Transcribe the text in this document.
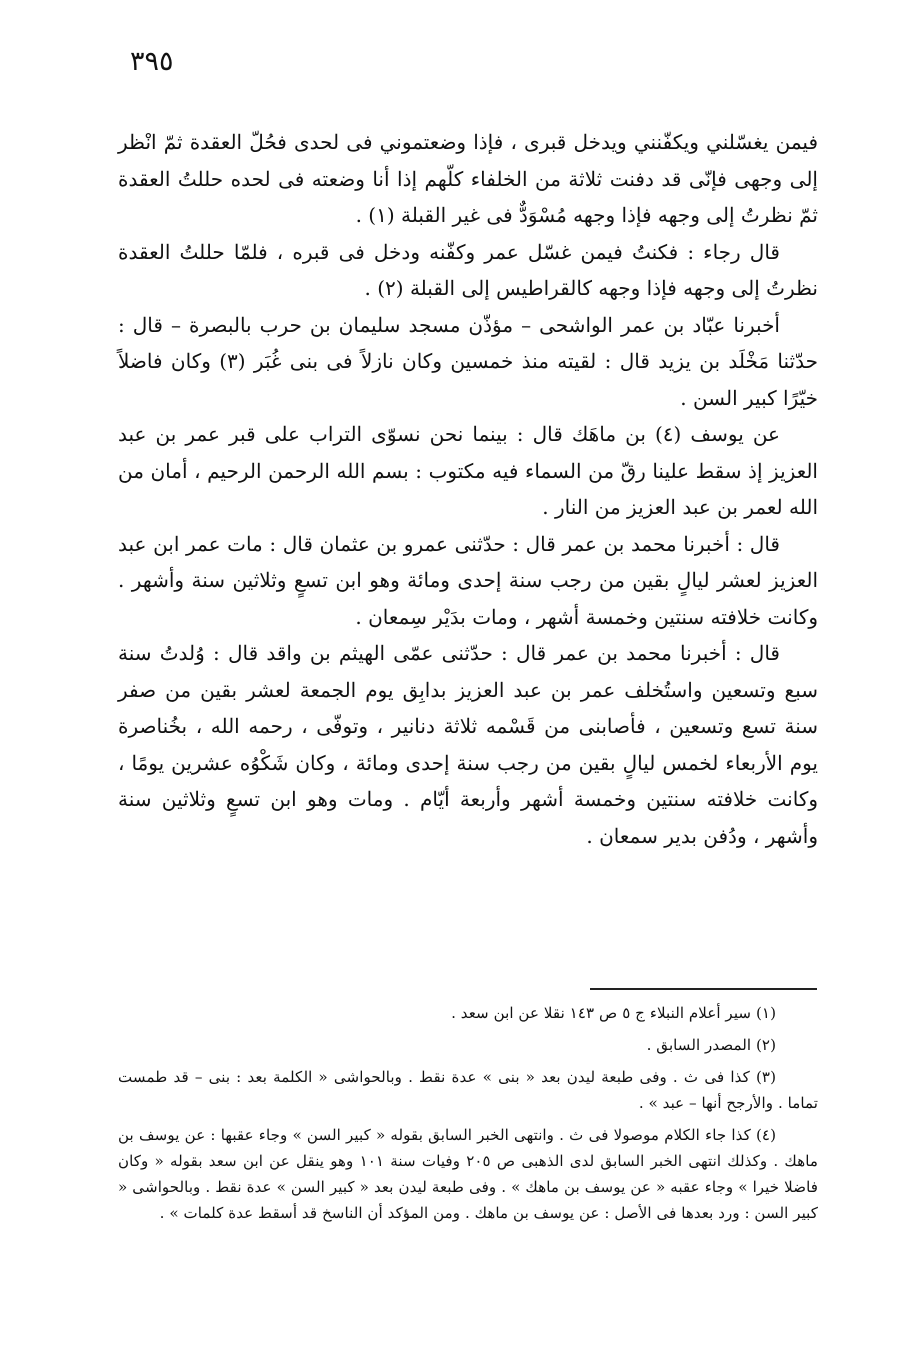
٣٩٥

فيمن يغسّلني ويكفّنني ويدخل قبرى ، فإذا وضعتموني فى لحدى فحُلّ العقدة ثمّ انْظر إلى وجهى فإنّى قد دفنت ثلاثة من الخلفاء كلّهم إذا أنا وضعته فى لحده حللتُ العقدة ثمّ نظرتُ إلى وجهه فإذا وجهه مُسْوَدٌّ فى غير القبلة (١) .

قال رجاء : فكنتُ فيمن غسّل عمر وكفّنه ودخل فى قبره ، فلمّا حللتُ العقدة نظرتُ إلى وجهه فإذا وجهه كالقراطيس إلى القبلة (٢) .

أخبرنا عبّاد بن عمر الواشحى – مؤذّن مسجد سليمان بن حرب بالبصرة – قال : حدّثنا مَخْلَد بن يزيد قال : لقيته منذ خمسين وكان نازلاً فى بنى غُبَر (٣) وكان فاضلاً خيّرًا كبير السن .

عن يوسف (٤) بن ماهَك قال : بينما نحن نسوّى التراب على قبر عمر بن عبد العزيز إذ سقط علينا رقّ من السماء فيه مكتوب : بسم الله الرحمن الرحيم ، أمان من الله لعمر بن عبد العزيز من النار .

قال : أخبرنا محمد بن عمر قال : حدّثنى عمرو بن عثمان قال : مات عمر ابن عبد العزيز لعشر ليالٍ بقين من رجب سنة إحدى ومائة وهو ابن تسعٍ وثلاثين سنة وأشهر . وكانت خلافته سنتين وخمسة أشهر ، ومات بدَيْر سِمعان .

قال : أخبرنا محمد بن عمر قال : حدّثنى عمّى الهيثم بن واقد قال : وُلدتُ سنة سبع وتسعين واستُخلف عمر بن عبد العزيز بدابِق يوم الجمعة لعشر بقين من صفر سنة تسع وتسعين ، فأصابنى من قَسْمه ثلاثة دنانير ، وتوفّى ، رحمه الله ، بخُناصرة يوم الأربعاء لخمس ليالٍ بقين من رجب سنة إحدى ومائة ، وكان شَكْوُه عشرين يومًا ، وكانت خلافته سنتين وخمسة أشهر وأربعة أيّام . ومات وهو ابن تسعٍ وثلاثين سنة وأشهر ، ودُفن بدير سمعان .

(١) سير أعلام النبلاء ج ٥ ص ١٤٣ نقلا عن ابن سعد .

(٢) المصدر السابق .

(٣) كذا فى ث . وفى طبعة ليدن بعد « بنى » عدة نقط . وبالحواشى « الكلمة بعد : بنى – قد طمست تماما . والأرجح أنها – عبد » .

(٤) كذا جاء الكلام موصولا فى ث . وانتهى الخبر السابق بقوله « كبير السن » وجاء عقبها : عن يوسف بن ماهك . وكذلك انتهى الخبر السابق لدى الذهبى ص ٢٠٥ وفيات سنة ١٠١ وهو ينقل عن ابن سعد بقوله « وكان فاضلا خيرا » وجاء عقبه « عن يوسف بن ماهك » . وفى طبعة ليدن بعد « كبير السن » عدة نقط . وبالحواشى « كبير السن : ورد بعدها فى الأصل : عن يوسف بن ماهك . ومن المؤكد أن الناسخ قد أسقط عدة كلمات » .
